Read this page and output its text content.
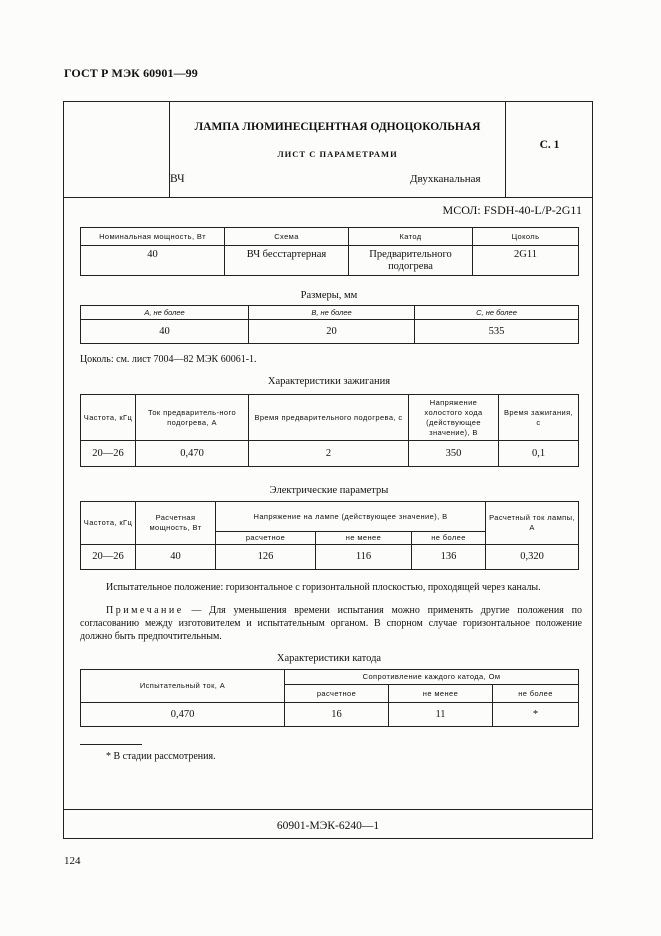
ГОСТ Р МЭК 60901—99
ЛАМПА ЛЮМИНЕСЦЕНТНАЯ ОДНОЦОКОЛЬНАЯ
ЛИСТ С ПАРАМЕТРАМИ
ВЧ	Двухканальная
С. 1
МСОЛ: FSDH-40-L/P-2G11
Номинальная мощность, Вт	Схема	Катод	Цоколь
40	ВЧ бесстартерная	Предварительного подогрева	2G11
Размеры, мм
А, не более	В, не более	С, не более
40	20	535
Цоколь: см. лист 7004—82 МЭК 60061-1.
Характеристики зажигания
Частота, кГц	Ток предваритель-ного подогрева, А	Время предварительного подогрева, с	Напряжение холостого хода (действующее значение), В	Время зажигания, с
20—26	0,470	2	350	0,1
Электрические параметры
Частота, кГц	Расчетная мощность, Вт	Напряжение на лампе (действующее значение), В			Расчетный ток лампы, А
		расчетное	не менее	не более	
20—26	40	126	116	136	0,320
Испытательное положение: горизонтальное с горизонтальной плоскостью, проходящей через каналы.
Примечание — Для уменьшения времени испытания можно применять другие положения по согласованию между изготовителем и испытательным органом. В спорном случае горизонтальное положение должно быть предпочтительным.
Характеристики катода
Испытательный ток, А	Сопротивление каждого катода, Ом		
	расчетное	не менее	не более
0,470	16	11	*
* В стадии рассмотрения.
60901-МЭК-6240—1
124
